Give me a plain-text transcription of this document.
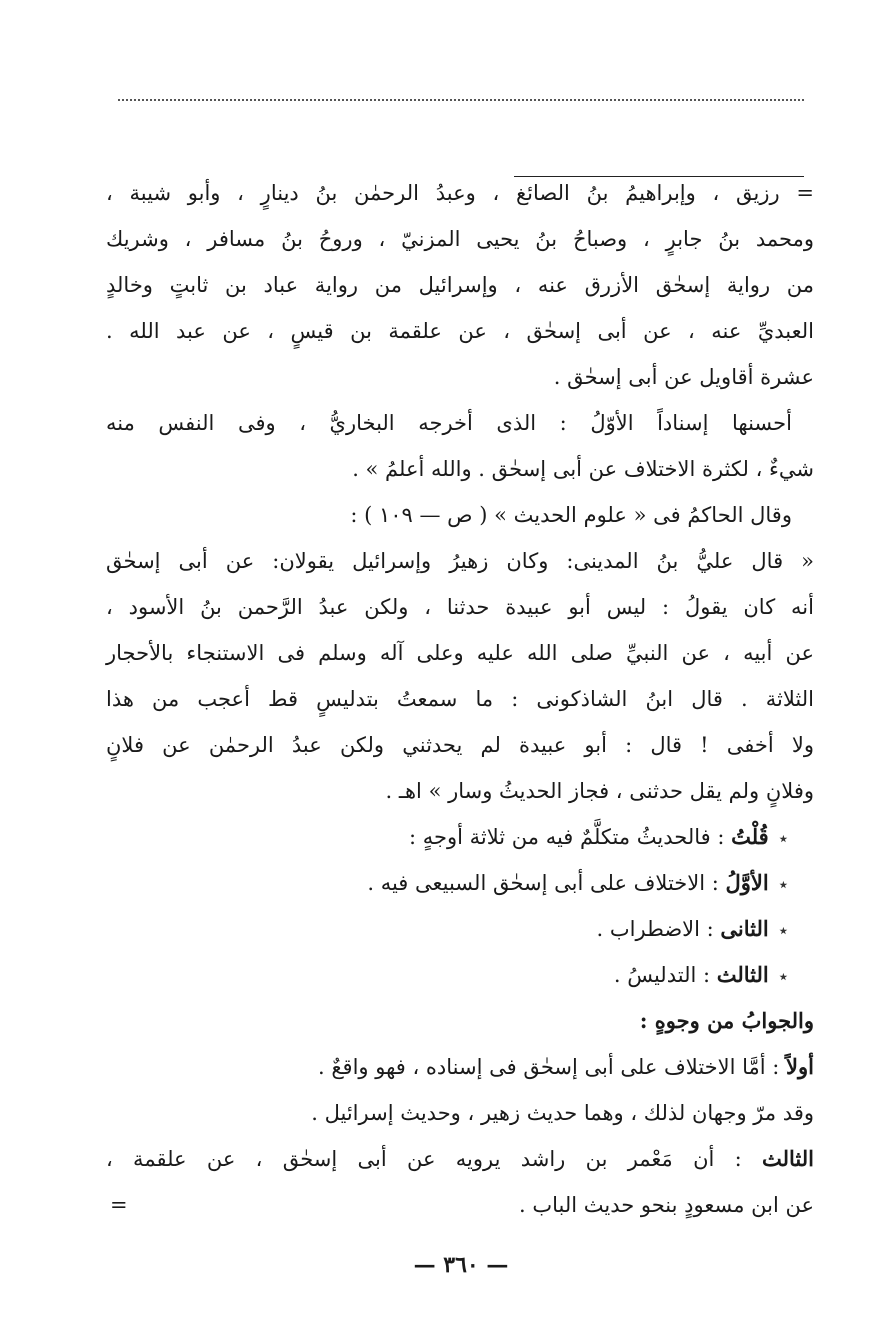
= رزيق ، وإبراهيمُ بنُ الصائغ ، وعبدُ الرحمٰن بنُ دينارٍ ، وأبو شيبة ،
ومحمد بنُ جابرٍ ، وصباحُ بنُ يحيى المزنيّ ، وروحُ بنُ مسافر ، وشريك
من رواية إسحٰق الأزرق عنه ، وإسرائيل من رواية عباد بن ثابتٍ وخالدٍ
العبديِّ عنه ، عن أبى إسحٰق ، عن علقمة بن قيسٍ ، عن عبد الله .
عشرة أقاويل عن أبى إسحٰق .
أحسنها إسناداً الأوّلُ : الذى أخرجه البخاريُّ ، وفى النفس منه
شيءٌ ، لكثرة الاختلاف عن أبى إسحٰق . والله أعلمُ » .
وقال الحاكمُ فى « علوم الحديث » ( ص — ١٠٩ ) :
« قال عليُّ بنُ المدينى: وكان زهيرُ وإسرائيل يقولان: عن أبى إسحٰق
أنه كان يقولُ : ليس أبو عبيدة حدثنا ، ولكن عبدُ الرَّحمن بنُ الأسود ،
عن أبيه ، عن النبيِّ صلى الله عليه وعلى آله وسلم فى الاستنجاء بالأحجار
الثلاثة . قال ابنُ الشاذكونى : ما سمعتُ بتدليسٍ قط أعجب من هذا
ولا أخفى ! قال : أبو عبيدة لم يحدثني ولكن عبدُ الرحمٰن عن فلانٍ
وفلانٍ ولم يقل حدثنى ، فجاز الحديثُ وسار » اهـ .
٭قُلْتُ : فالحديثُ متكلَّمٌ فيه من ثلاثة أوجهٍ :
٭الأوَّلُ : الاختلاف على أبى إسحٰق السبيعى فيه .
٭الثانى : الاضطراب .
٭الثالث : التدليسُ .
والجوابُ من وجوهٍ :
أولاً : أمَّا الاختلاف على أبى إسحٰق فى إسناده ، فهو واقعٌ .
وقد مرّ وجهان لذلك ، وهما حديث زهير ، وحديث إسرائيل .
الثالث : أن مَعْمر بن راشد يرويه عن أبى إسحٰق ، عن علقمة ،
عن ابن مسعودٍ بنحو حديث الباب .
=
— ٣٦٠ —
